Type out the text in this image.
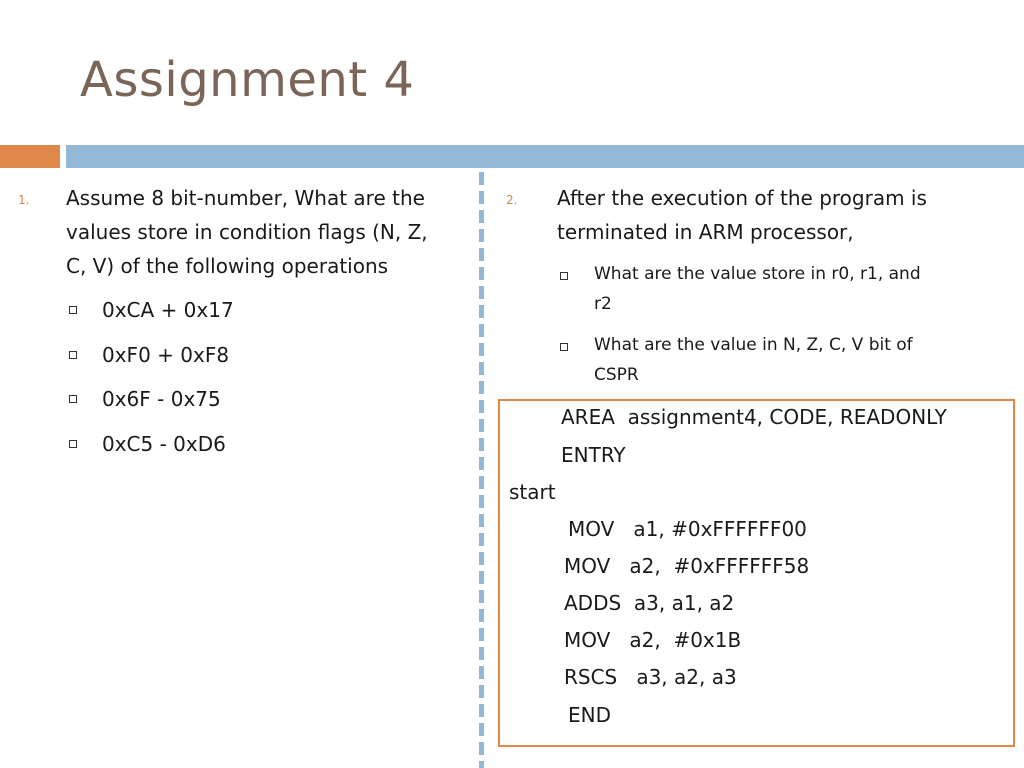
Assignment 4
1. Assume 8 bit-number, What are the
values store in condition flags (N, Z,
C, V) of the following operations
0xCA + 0x17
0xF0 + 0xF8
0x6F - 0x75
0xC5 - 0xD6
2. After the execution of the program is
terminated in ARM processor,
What are the value store in r0, r1, and
r2
What are the value in N, Z, C, V bit of
CSPR
AREA  assignment4, CODE, READONLY
ENTRY
start
MOV   a1, #0xFFFFFF00
MOV   a2,  #0xFFFFFF58
ADDS  a3, a1, a2
MOV   a2,  #0x1B
RSCS   a3, a2, a3
END
